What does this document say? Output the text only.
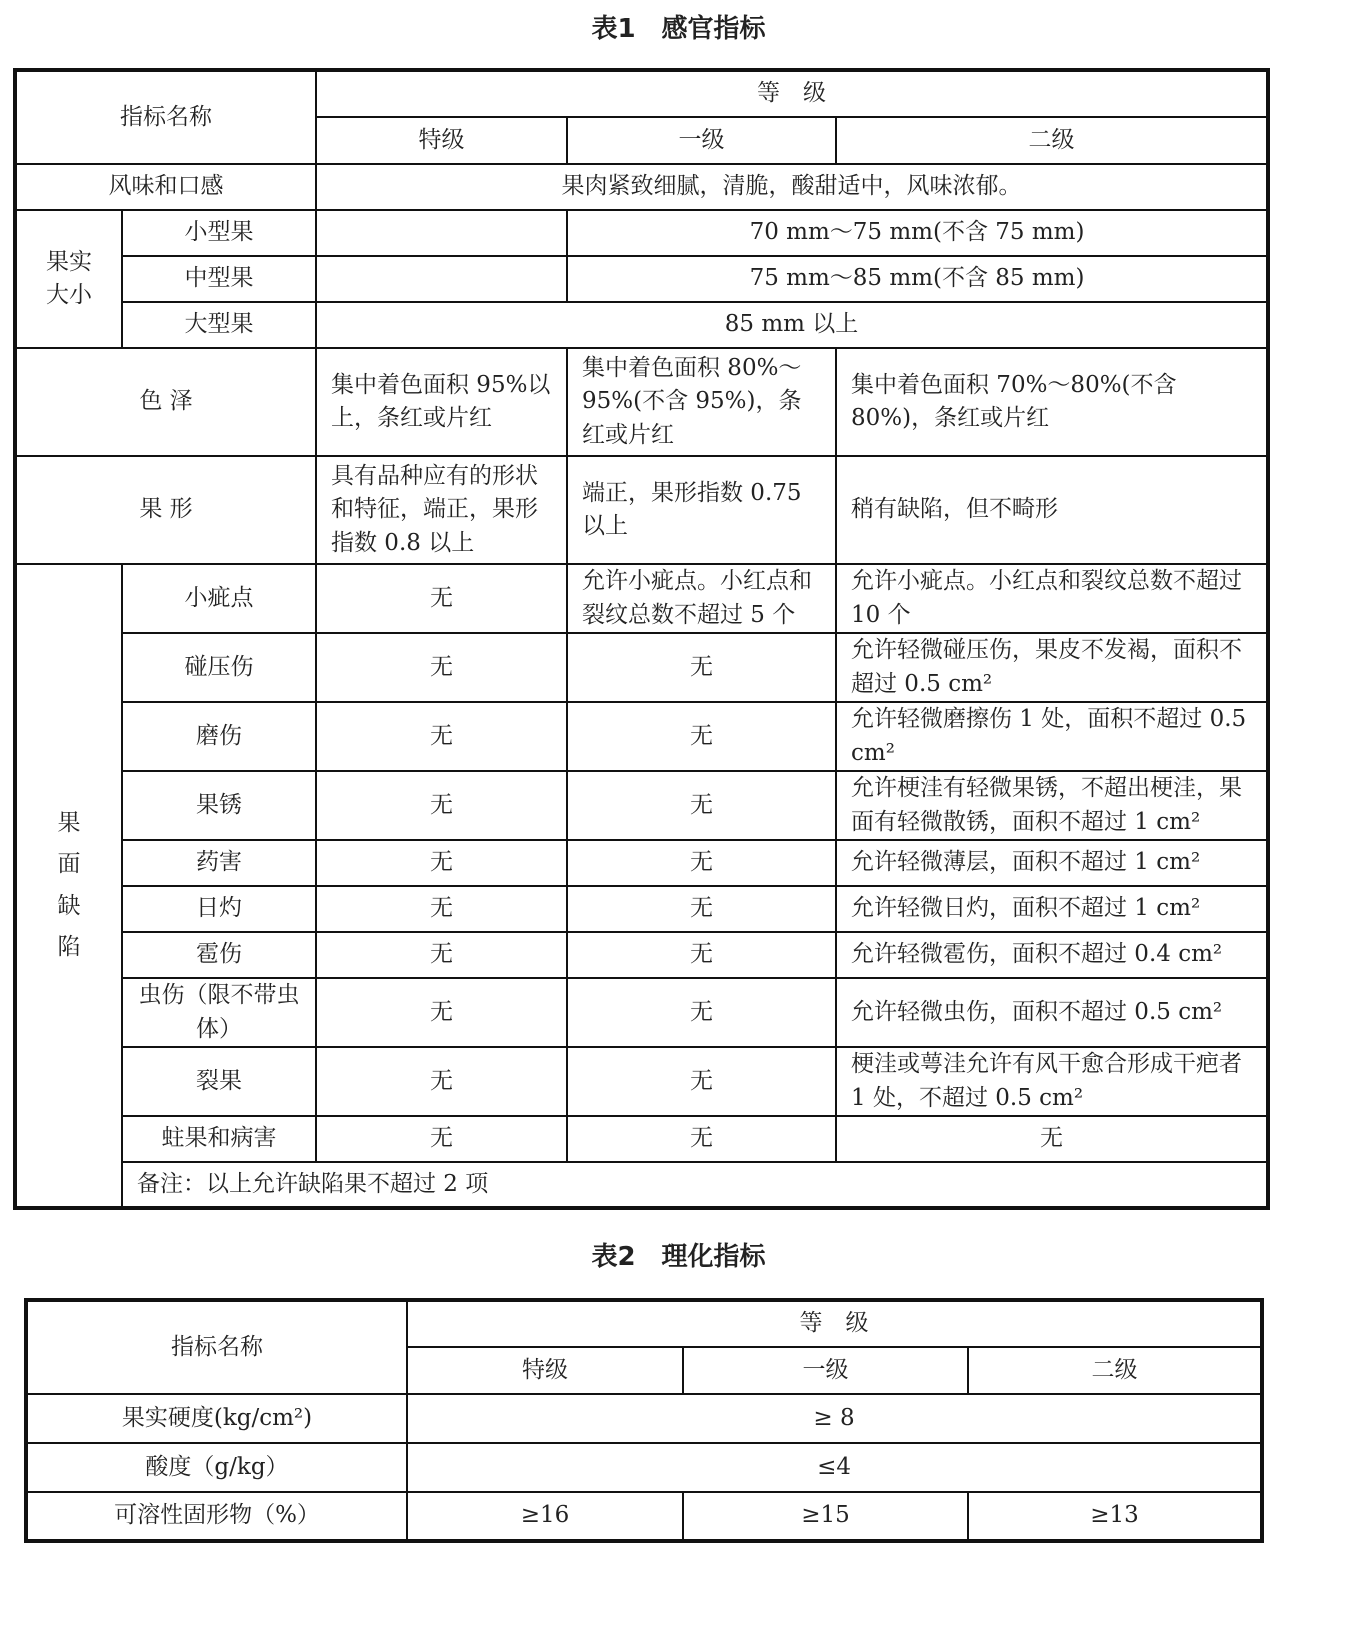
表1　感官指标
指标名称		等　级		
		特级	一级	二级
风味和口感		果肉紧致细腻，清脆，酸甜适中，风味浓郁。		
果实大小	小型果		70 mm～75 mm(不含 75 mm)	
	中型果		75 mm～85 mm(不含 85 mm)	
	大型果	85 mm 以上		
色 泽		集中着色面积 95%以上，条红或片红	集中着色面积 80%～95%(不含 95%)，条红或片红	集中着色面积 70%～80%(不含 80%)，条红或片红
果 形		具有品种应有的形状和特征，端正，果形指数 0.8 以上	端正，果形指数 0.75 以上	稍有缺陷，但不畸形

果
面
缺
陷	小疵点	无	允许小疵点。小红点和裂纹总数不超过 5 个	允许小疵点。小红点和裂纹总数不超过 10 个
	碰压伤	无	无	允许轻微碰压伤，果皮不发褐，面积不超过 0.5 cm²
	磨伤	无	无	允许轻微磨擦伤 1 处，面积不超过 0.5 cm²
	果锈	无	无	允许梗洼有轻微果锈，不超出梗洼，果面有轻微散锈，面积不超过 1 cm²
	药害	无	无	允许轻微薄层，面积不超过 1 cm²
	日灼	无	无	允许轻微日灼，面积不超过 1 cm²
	雹伤	无	无	允许轻微雹伤，面积不超过 0.4 cm²
	虫伤（限不带虫体）	无	无	允许轻微虫伤，面积不超过 0.5 cm²
	裂果	无	无	梗洼或萼洼允许有风干愈合形成干疤者 1 处，不超过 0.5 cm²
	蛀果和病害	无	无	无
	备注：以上允许缺陷果不超过 2 项			
表2　理化指标
指标名称	等　级		
	特级	一级	二级
果实硬度(kg/cm²)	≥ 8		
酸度（g/kg）	≤4		
可溶性固形物（%）	≥16	≥15	≥13
